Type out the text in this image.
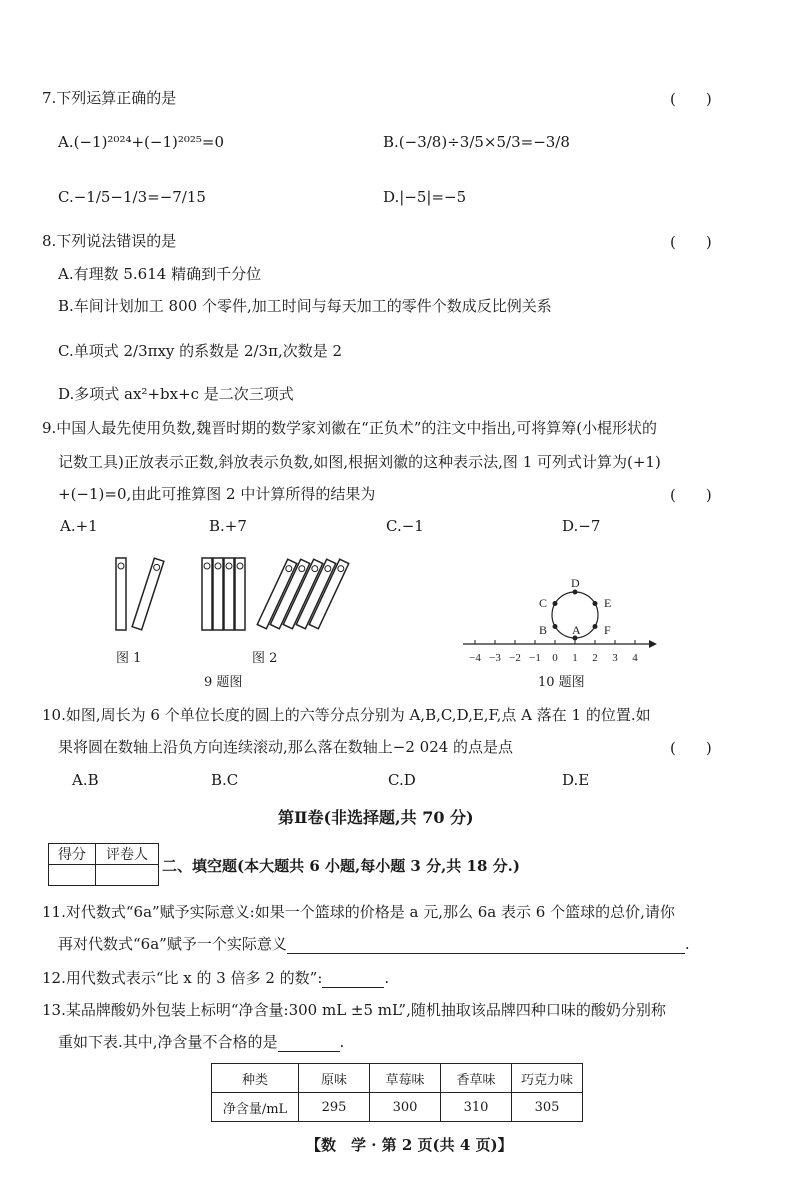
7.下列运算正确的是	(　　)
A.(−1)²⁰²⁴+(−1)²⁰²⁵=0	B.(−3/8)÷3/5×5/3=−3/8
C.−1/5−1/3=−7/15	D.|−5|=−5
8.下列说法错误的是	(　　)
A.有理数 5.614 精确到千分位
B.车间计划加工 800 个零件,加工时间与每天加工的零件个数成反比例关系
C.单项式 2/3πxy 的系数是 2/3π,次数是 2
D.多项式 ax²+bx+c 是二次三项式
9.中国人最先使用负数,魏晋时期的数学家刘徽在“正负术”的注文中指出,可将算筹(小棍形状的
记数工具)正放表示正数,斜放表示负数,如图,根据刘徽的这种表示法,图 1 可列式计算为(+1)
+(−1)=0,由此可推算图 2 中计算所得的结果为	(　　)
A.+1	B.+7	C.−1	D.−7
图 1	图 2
9 题图
A
B
C
D
E
F
−4 −3 −2 −1 0 1 2 3 4
10 题图
10.如图,周长为 6 个单位长度的圆上的六等分点分别为 A,B,C,D,E,F,点 A 落在 1 的位置.如
果将圆在数轴上沿负方向连续滚动,那么落在数轴上−2 024 的点是点	(　　)
A.B	B.C	C.D	D.E
第Ⅱ卷(非选择题,共 70 分)
得分	评卷人

二、填空题(本大题共 6 小题,每小题 3 分,共 18 分.)
11.对代数式“6a”赋予实际意义:如果一个篮球的价格是 a 元,那么 6a 表示 6 个篮球的总价,请你
再对代数式“6a”赋予一个实际意义	.
12.用代数式表示“比 x 的 3 倍多 2 的数”:	.
13.某品牌酸奶外包装上标明“净含量:300 mL ±5 mL”,随机抽取该品牌四种口味的酸奶分别称
重如下表.其中,净含量不合格的是	.
种类	原味	草莓味	香草味	巧克力味
净含量/mL	295	300	310	305
【数　学 · 第 2 页(共 4 页)】
